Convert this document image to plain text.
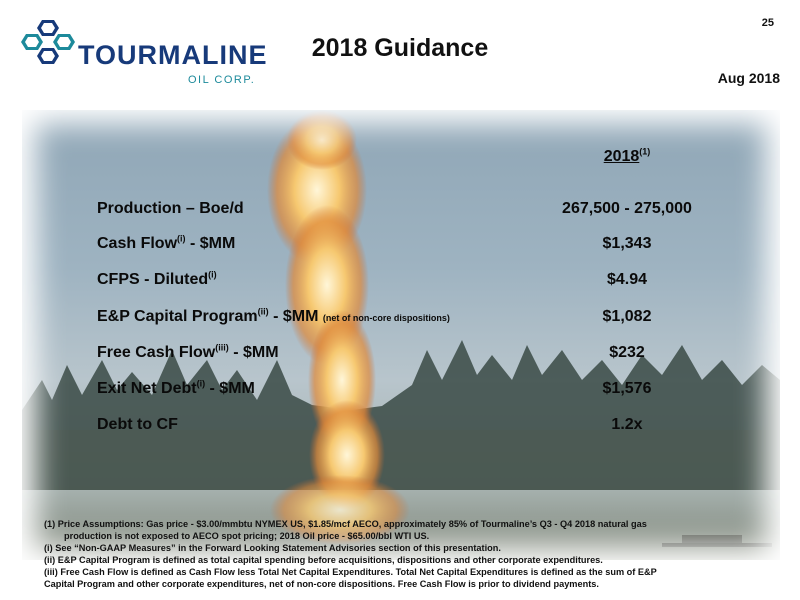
TOURMALINE
OIL CORP.
2018 Guidance
25
Aug 2018
2018$^{(1)}$
Production – Boe/d	267,500 - 275,000
Cash Flow$^{(i)}$ - $MM	$1,343
CFPS - Diluted$^{(i)}$	$4.94
E&P Capital Program$^{(ii)}$ - $MM (net of non-core dispositions)	$1,082
Free Cash Flow$^{(iii)}$ - $MM	$232
Exit Net Debt$^{(i)}$ - $MM	$1,576
Debt to CF	1.2x
(1) Price Assumptions: Gas price - $3.00/mmbtu NYMEX US, $1.85/mcf AECO, approximately 85% of Tourmaline’s Q3 - Q4 2018 natural gas
production is not exposed to AECO spot pricing; 2018 Oil price - $65.00/bbl WTI US.
(i) See “Non-GAAP Measures” in the Forward Looking Statement Advisories section of this presentation.
(ii) E&P Capital Program is defined as total capital spending before acquisitions, dispositions and other corporate expenditures.
(iii) Free Cash Flow is defined as Cash Flow less Total Net Capital Expenditures. Total Net Capital Expenditures is defined as the sum of E&P
Capital Program and other corporate expenditures, net of non-core dispositions. Free Cash Flow is prior to dividend payments.
